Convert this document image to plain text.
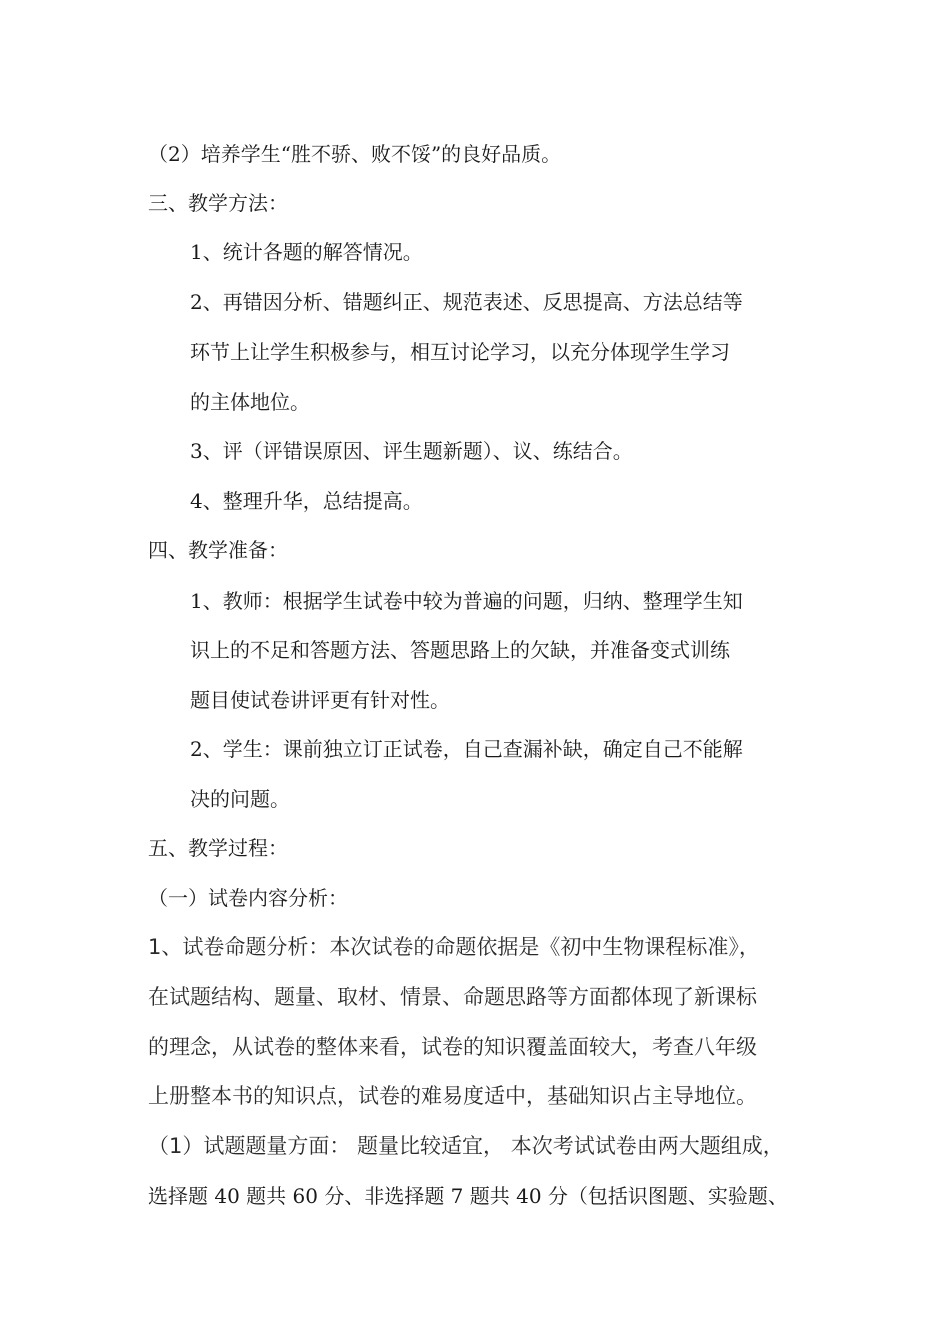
（2）培养学生“胜不骄、败不馁”的良好品质。
三、教学方法：
1、统计各题的解答情况。
2、再错因分析、错题纠正、规范表述、反思提高、方法总结等
环节上让学生积极参与，相互讨论学习，以充分体现学生学习
的主体地位。
3、评（评错误原因、评生题新题）、议、练结合。
4、整理升华，总结提高。
四、教学准备：
1、教师：根据学生试卷中较为普遍的问题，归纳、整理学生知
识上的不足和答题方法、答题思路上的欠缺，并准备变式训练
题目使试卷讲评更有针对性。
2、学生：课前独立订正试卷，自己查漏补缺，确定自己不能解
决的问题。
五、教学过程：
（一）试卷内容分析：
1、试卷命题分析：本次试卷的命题依据是《初中生物课程标准》，
在试题结构、题量、取材、情景、命题思路等方面都体现了新课标
的理念，从试卷的整体来看，试卷的知识覆盖面较大，考查八年级
上册整本书的知识点，试卷的难易度适中，基础知识占主导地位。
（1）试题题量方面： 题量比较适宜， 本次考试试卷由两大题组成，
选择题 40 题共 60 分、非选择题 7 题共 40 分（包括识图题、实验题、
